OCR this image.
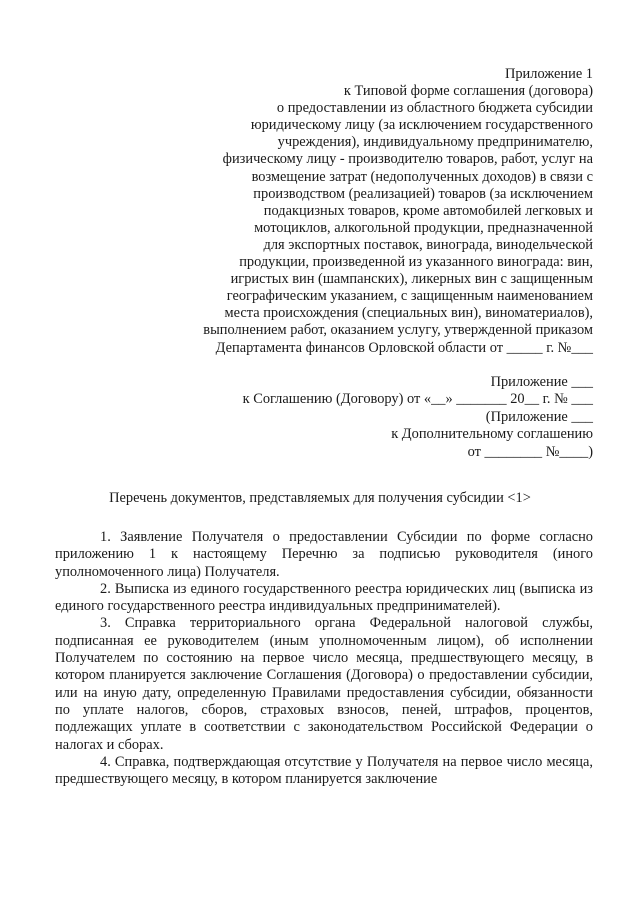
Приложение 1
к Типовой форме соглашения (договора)
о предоставлении из областного бюджета субсидии
юридическому лицу (за исключением государственного
учреждения), индивидуальному предпринимателю,
физическому лицу - производителю товаров, работ, услуг на
возмещение затрат (недополученных доходов) в связи с
производством (реализацией) товаров (за исключением
подакцизных товаров, кроме автомобилей легковых и
мотоциклов, алкогольной продукции, предназначенной
для экспортных поставок, винограда, винодельческой
продукции, произведенной из указанного винограда: вин,
игристых вин (шампанских), ликерных вин с защищенным
географическим указанием, с защищенным наименованием
места происхождения (специальных вин), виноматериалов),
выполнением работ, оказанием услугу, утвержденной приказом
Департамента финансов Орловской области от _____ г. №___
Приложение ___
к Соглашению (Договору) от «__» _______ 20__ г. № ___
(Приложение ___
к Дополнительному соглашению
от ________ №____)
Перечень документов, представляемых для получения субсидии <1>

1. Заявление Получателя о предоставлении Субсидии по форме согласно приложению 1 к настоящему Перечню за подписью руководителя (иного уполномоченного лица) Получателя.

2. Выписка из единого государственного реестра юридических лиц (выписка из единого государственного реестра индивидуальных предпринимателей).

3. Справка территориального органа Федеральной налоговой службы, подписанная ее руководителем (иным уполномоченным лицом), об исполнении Получателем по состоянию на первое число месяца, предшествующего месяцу, в котором планируется заключение Соглашения (Договора) о предоставлении субсидии, или на иную дату, определенную Правилами предоставления субсидии, обязанности по уплате налогов, сборов, страховых взносов, пеней, штрафов, процентов, подлежащих уплате в соответствии с законодательством Российской Федерации о налогах и сборах.

4. Справка, подтверждающая отсутствие у Получателя на первое число месяца, предшествующего месяцу, в котором планируется заключение
